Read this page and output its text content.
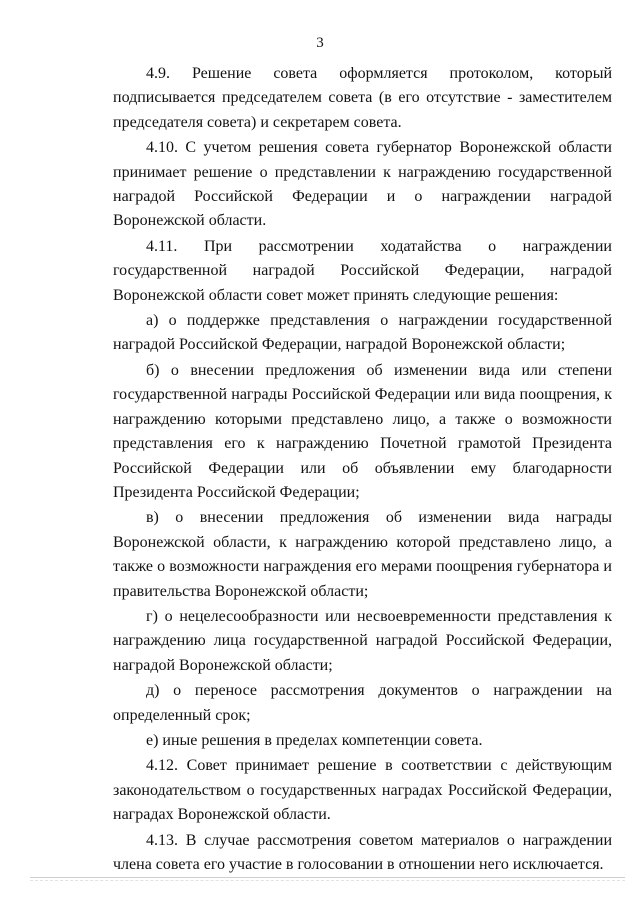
3

4.9. Решение совета оформляется протоколом, который подписывается председателем совета (в его отсутствие - заместителем председателя совета) и секретарем совета.

4.10. С учетом решения совета губернатор Воронежской области принимает решение о представлении к награждению государственной наградой Российской Федерации и о награждении наградой Воронежской области.

4.11. При рассмотрении ходатайства о награждении государственной наградой Российской Федерации, наградой Воронежской области совет может принять следующие решения:

а) о поддержке представления о награждении государственной наградой Российской Федерации, наградой Воронежской области;

б) о внесении предложения об изменении вида или степени государственной награды Российской Федерации или вида поощрения, к награждению которыми представлено лицо, а также о возможности представления его к награждению Почетной грамотой Президента Российской Федерации или об объявлении ему благодарности Президента Российской Федерации;

в) о внесении предложения об изменении вида награды Воронежской области, к награждению которой представлено лицо, а также о возможности награждения его мерами поощрения губернатора и правительства Воронежской области;

г) о нецелесообразности или несвоевременности представления к награждению лица государственной наградой Российской Федерации, наградой Воронежской области;

д) о переносе рассмотрения документов о награждении на определенный срок;

е) иные решения в пределах компетенции совета.

4.12. Совет принимает решение в соответствии с действующим законодательством о государственных наградах Российской Федерации, наградах Воронежской области.

4.13. В случае рассмотрения советом материалов о награждении члена совета его участие в голосовании в отношении него исключается.
